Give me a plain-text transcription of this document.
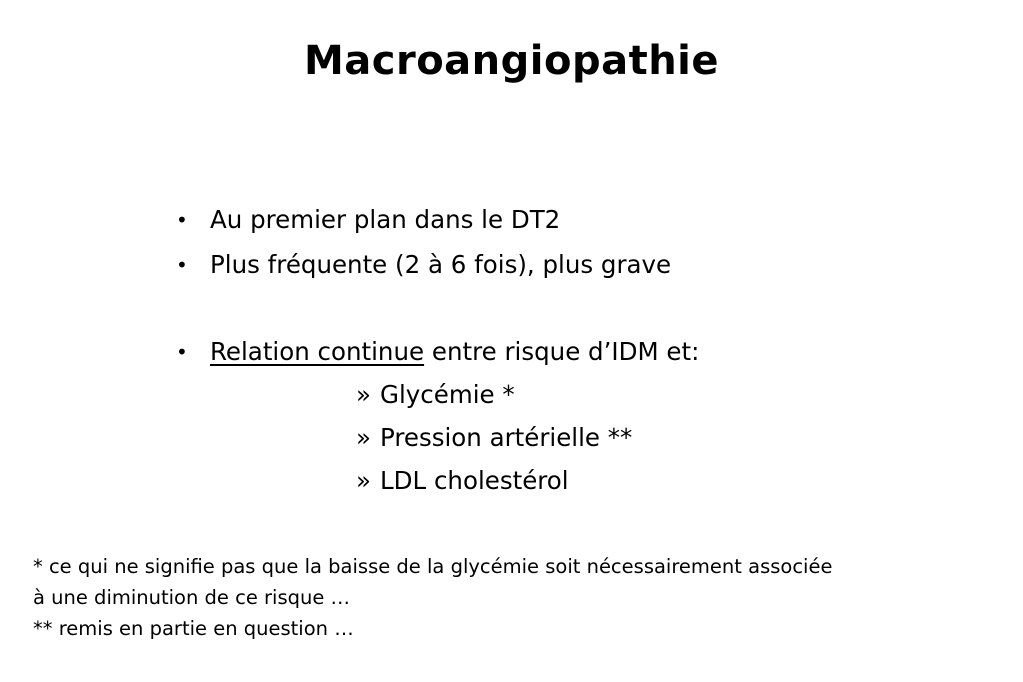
Macroangiopathie
• Au premier plan dans le DT2
• Plus fréquente (2 à 6 fois), plus grave
• Relation continue entre risque d’IDM et:
» Glycémie *
» Pression artérielle **
» LDL cholestérol
* ce qui ne signifie pas que la baisse de la glycémie soit nécessairement associée
à une diminution de ce risque …
** remis en partie en question …
